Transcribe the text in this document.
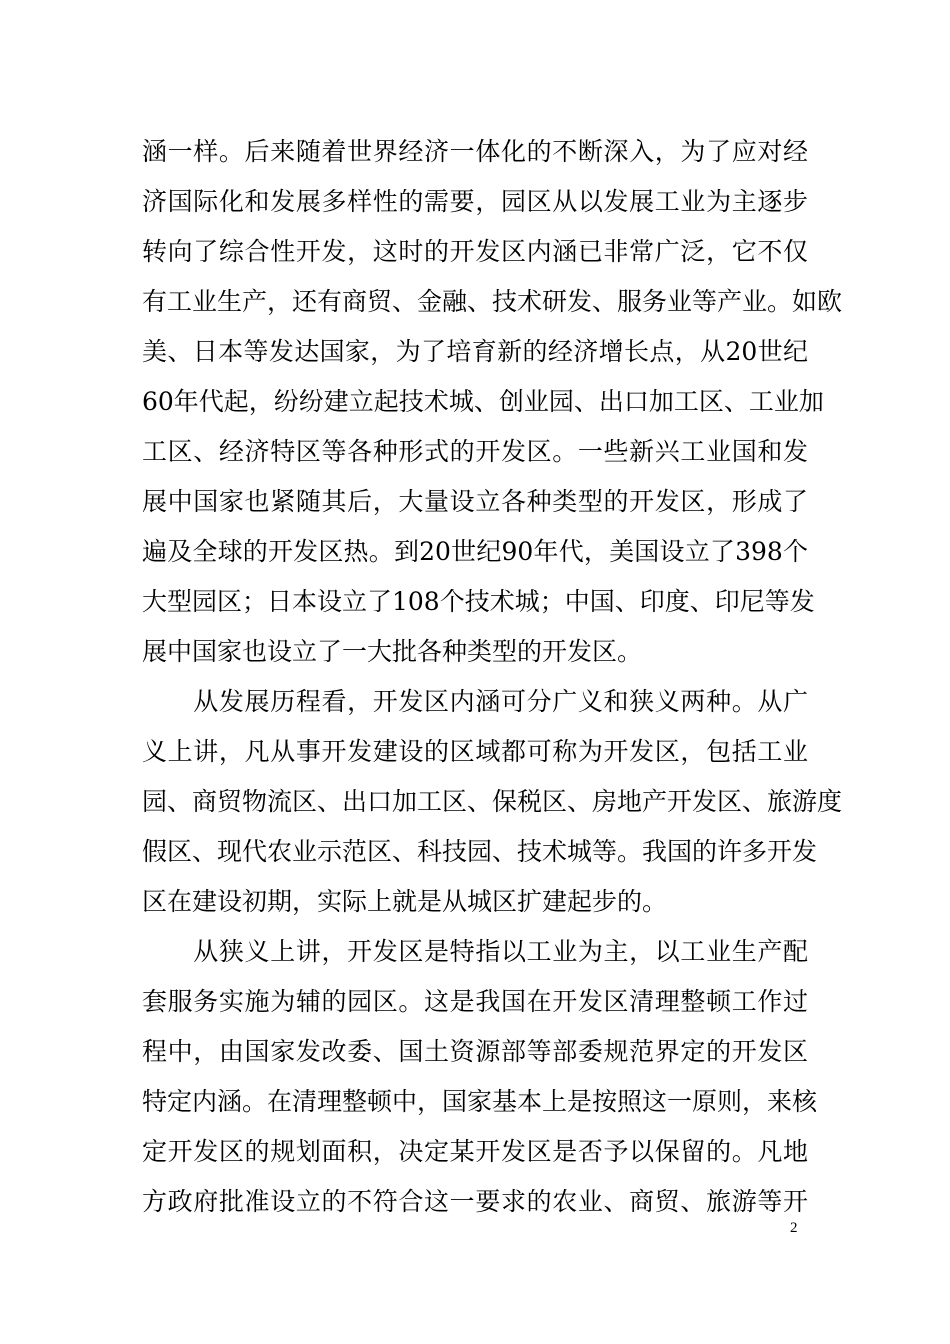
涵一样。后来随着世界经济一体化的不断深入，为了应对经
济国际化和发展多样性的需要，园区从以发展工业为主逐步
转向了综合性开发，这时的开发区内涵已非常广泛，它不仅
有工业生产，还有商贸、金融、技术研发、服务业等产业。如欧
美、日本等发达国家，为了培育新的经济增长点，从20世纪
60年代起，纷纷建立起技术城、创业园、出口加工区、工业加
工区、经济特区等各种形式的开发区。一些新兴工业国和发
展中国家也紧随其后，大量设立各种类型的开发区，形成了
遍及全球的开发区热。到20世纪90年代，美国设立了398个
大型园区；日本设立了108个技术城；中国、印度、印尼等发
展中国家也设立了一大批各种类型的开发区。
　　从发展历程看，开发区内涵可分广义和狭义两种。从广
义上讲，凡从事开发建设的区域都可称为开发区，包括工业
园、商贸物流区、出口加工区、保税区、房地产开发区、旅游度
假区、现代农业示范区、科技园、技术城等。我国的许多开发
区在建设初期，实际上就是从城区扩建起步的。
　　从狭义上讲，开发区是特指以工业为主，以工业生产配
套服务实施为辅的园区。这是我国在开发区清理整顿工作过
程中，由国家发改委、国土资源部等部委规范界定的开发区
特定内涵。在清理整顿中，国家基本上是按照这一原则，来核
定开发区的规划面积，决定某开发区是否予以保留的。凡地
方政府批准设立的不符合这一要求的农业、商贸、旅游等开
2
